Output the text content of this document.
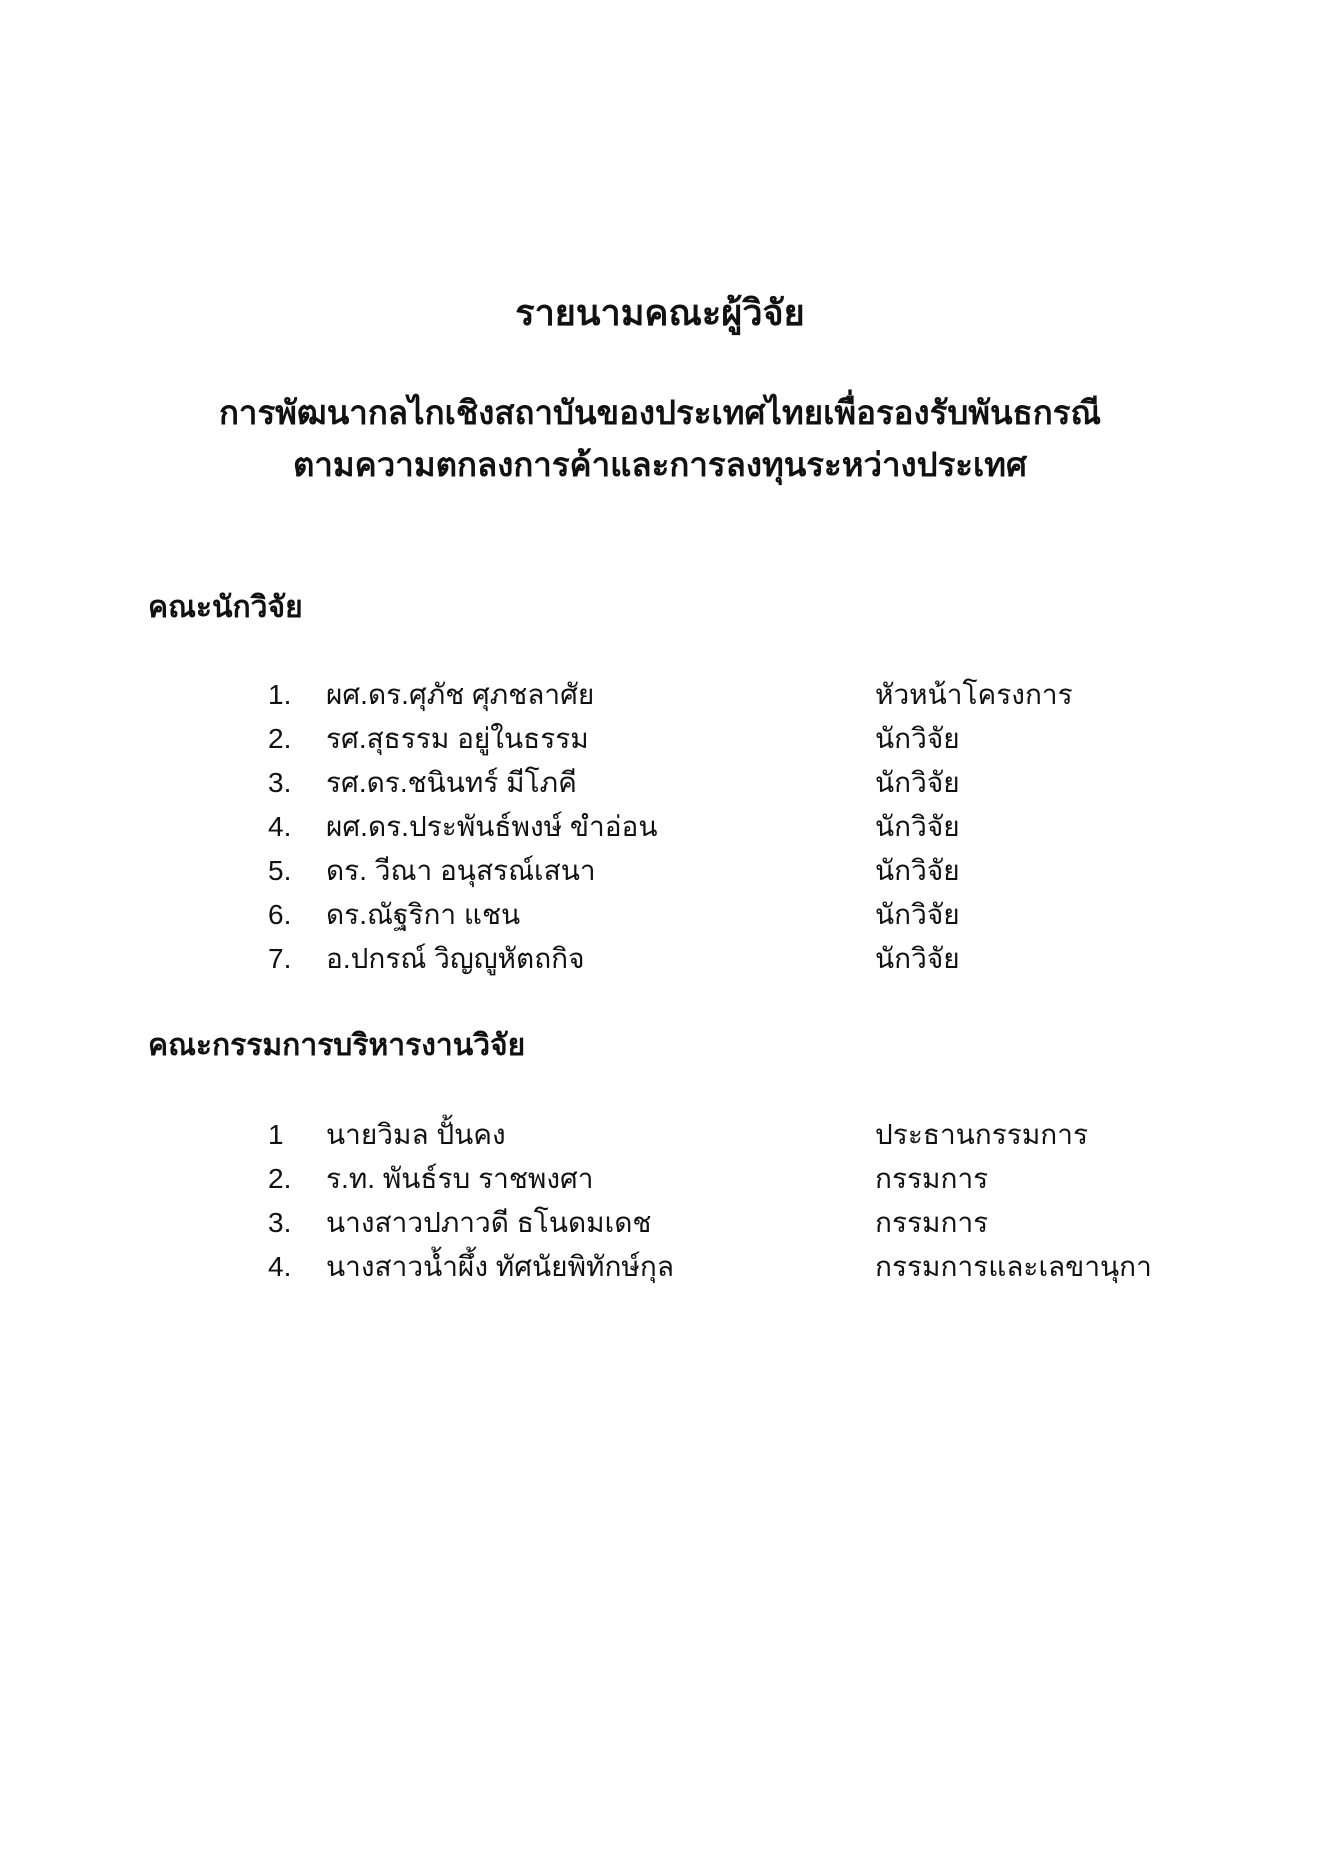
รายนามคณะผู้วิจัย
การพัฒนากลไกเชิงสถาบันของประเทศไทยเพื่อรองรับพันธกรณี
ตามความตกลงการค้าและการลงทุนระหว่างประเทศ
คณะนักวิจัย
1. ผศ.ดร.ศุภัช ศุภชลาศัย	หัวหน้าโครงการ
2. รศ.สุธรรม อยู่ในธรรม	นักวิจัย
3. รศ.ดร.ชนินทร์ มีโภคี	นักวิจัย
4. ผศ.ดร.ประพันธ์พงษ์ ขำอ่อน	นักวิจัย
5. ดร. วีณา อนุสรณ์เสนา	นักวิจัย
6. ดร.ณัฐริกา แชน	นักวิจัย
7. อ.ปกรณ์ วิญญูหัตถกิจ	นักวิจัย
คณะกรรมการบริหารงานวิจัย
1 นายวิมล ปั้นคง	ประธานกรรมการ
2. ร.ท. พันธ์รบ ราชพงศา	กรรมการ
3. นางสาวปภาวดี ธโนดมเดช	กรรมการ
4. นางสาวน้ำผึ้ง ทัศนัยพิทักษ์กุล	กรรมการและเลขานุกา
